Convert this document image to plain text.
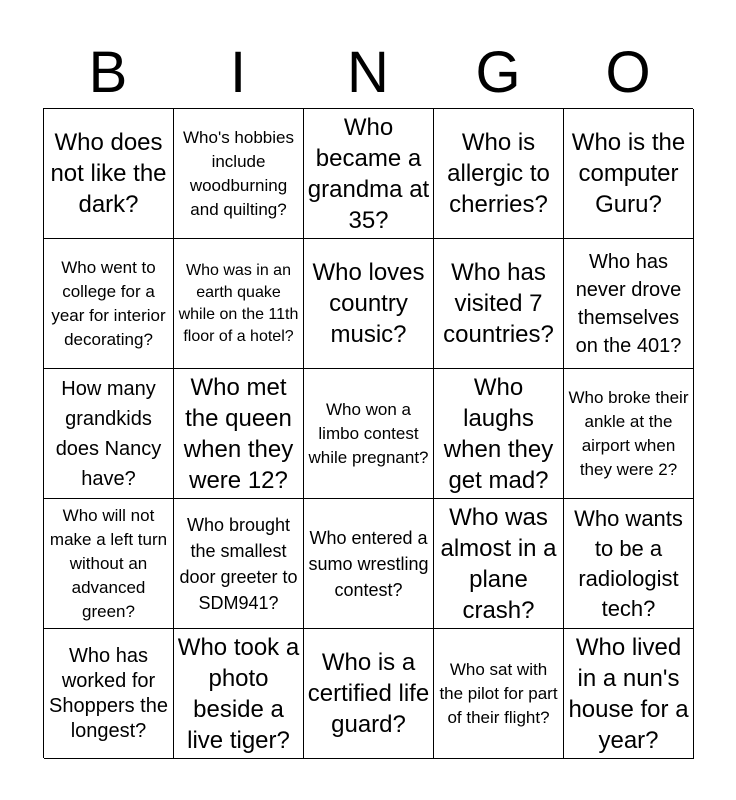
B	I	N	G	O
Who does not like the dark?
Who's hobbies include woodburning and quilting?
Who became a grandma at 35?
Who is allergic to cherries?
Who is the computer Guru?
Who went to college for a year for interior decorating?
Who was in an earth quake while on the 11th floor of a hotel?
Who loves country music?
Who has visited 7 countries?
Who has never drove themselves on the 401?
How many grandkids does Nancy have?
Who met the queen when they were 12?
Who won a limbo contest while pregnant?
Who laughs when they get mad?
Who broke their ankle at the airport when they were 2?
Who will not make a left turn without an advanced green?
Who brought the smallest door greeter to SDM941?
Who entered a sumo wrestling contest?
Who was almost in a plane crash?
Who wants to be a radiologist tech?
Who has worked for Shoppers the longest?
Who took a photo beside a live tiger?
Who is a certified life guard?
Who sat with the pilot for part of their flight?
Who lived in a nun's house for a year?
